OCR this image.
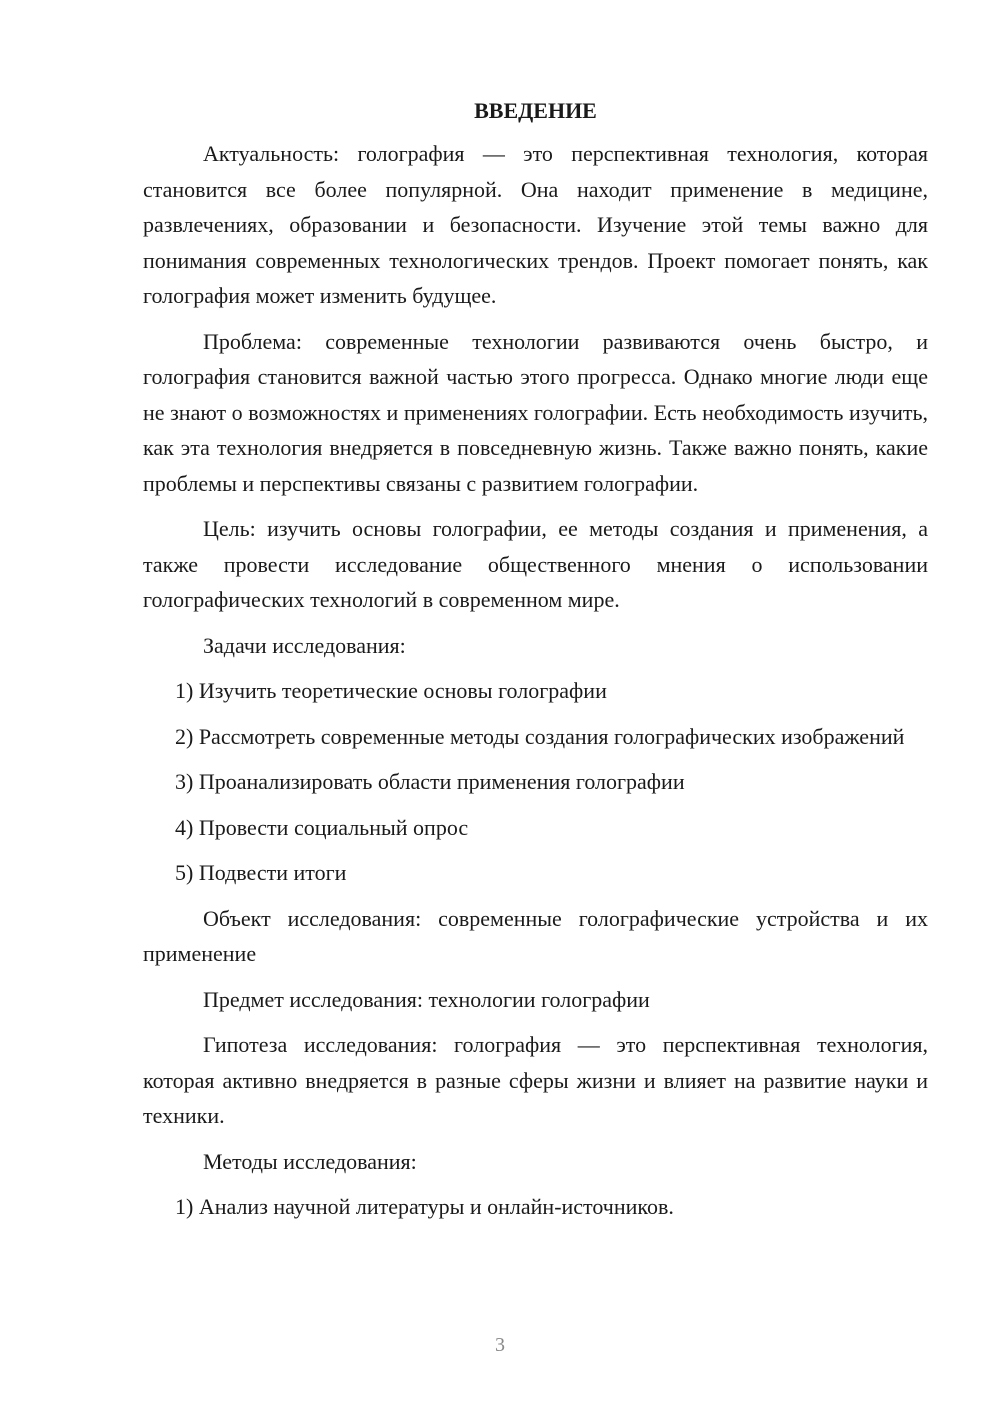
ВВЕДЕНИЕ

Актуальность: голография — это перспективная технология, которая становится все более популярной. Она находит применение в медицине, развлечениях, образовании и безопасности. Изучение этой темы важно для понимания современных технологических трендов. Проект помогает понять, как голография может изменить будущее.

Проблема: современные технологии развиваются очень быстро, и голография становится важной частью этого прогресса. Однако многие люди еще не знают о возможностях и применениях голографии. Есть необходимость изучить, как эта технология внедряется в повседневную жизнь. Также важно понять, какие проблемы и перспективы связаны с развитием голографии.

Цель: изучить основы голографии, ее методы создания и применения, а также провести исследование общественного мнения о использовании голографических технологий в современном мире.

Задачи исследования:

1) Изучить теоретические основы голографии

2) Рассмотреть современные методы создания голографических изображений

3) Проанализировать области применения голографии

4) Провести социальный опрос

5) Подвести итоги

Объект исследования: современные голографические устройства и их применение

Предмет исследования: технологии голографии

Гипотеза исследования: голография — это перспективная технология, которая активно внедряется в разные сферы жизни и влияет на развитие науки и техники.

Методы исследования:

1) Анализ научной литературы и онлайн-источников.

3
